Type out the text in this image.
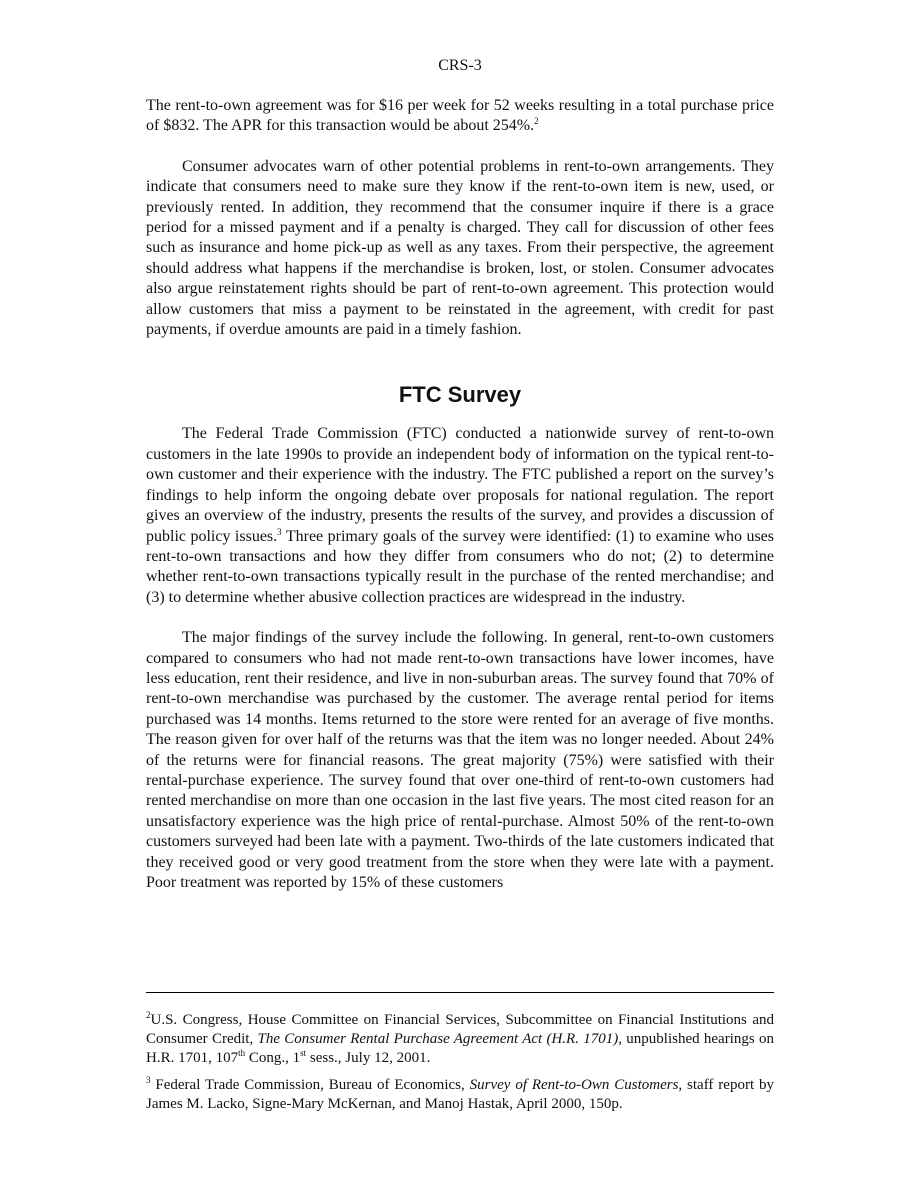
CRS-3

The rent-to-own agreement was for $16 per week for 52 weeks resulting in a total purchase price of $832. The APR for this transaction would be about 254%.$^2$

Consumer advocates warn of other potential problems in rent-to-own arrangements. They indicate that consumers need to make sure they know if the rent-to-own item is new, used, or previously rented. In addition, they recommend that the consumer inquire if there is a grace period for a missed payment and if a penalty is charged. They call for discussion of other fees such as insurance and home pick-up as well as any taxes. From their perspective, the agreement should address what happens if the merchandise is broken, lost, or stolen. Consumer advocates also argue reinstatement rights should be part of rent-to-own agreement. This protection would allow customers that miss a payment to be reinstated in the agreement, with credit for past payments, if overdue amounts are paid in a timely fashion.

FTC Survey

The Federal Trade Commission (FTC) conducted a nationwide survey of rent-to-own customers in the late 1990s to provide an independent body of information on the typical rent-to-own customer and their experience with the industry. The FTC published a report on the survey’s findings to help inform the ongoing debate over proposals for national regulation. The report gives an overview of the industry, presents the results of the survey, and provides a discussion of public policy issues.$^3$ Three primary goals of the survey were identified: (1) to examine who uses rent-to-own transactions and how they differ from consumers who do not; (2) to determine whether rent-to-own transactions typically result in the purchase of the rented merchandise; and (3) to determine whether abusive collection practices are widespread in the industry.

The major findings of the survey include the following. In general, rent-to-own customers compared to consumers who had not made rent-to-own transactions have lower incomes, have less education, rent their residence, and live in non-suburban areas. The survey found that 70% of rent-to-own merchandise was purchased by the customer. The average rental period for items purchased was 14 months. Items returned to the store were rented for an average of five months. The reason given for over half of the returns was that the item was no longer needed. About 24% of the returns were for financial reasons. The great majority (75%) were satisfied with their rental-purchase experience. The survey found that over one-third of rent-to-own customers had rented merchandise on more than one occasion in the last five years. The most cited reason for an unsatisfactory experience was the high price of rental-purchase. Almost 50% of the rent-to-own customers surveyed had been late with a payment. Two-thirds of the late customers indicated that they received good or very good treatment from the store when they were late with a payment. Poor treatment was reported by 15% of these customers

$^2$U.S. Congress, House Committee on Financial Services, Subcommittee on Financial Institutions and Consumer Credit, The Consumer Rental Purchase Agreement Act (H.R. 1701), unpublished hearings on H.R. 1701, 107th Cong., 1st sess., July 12, 2001.

$^3$ Federal Trade Commission, Bureau of Economics, Survey of Rent-to-Own Customers, staff report by James M. Lacko, Signe-Mary McKernan, and Manoj Hastak, April 2000, 150p.
